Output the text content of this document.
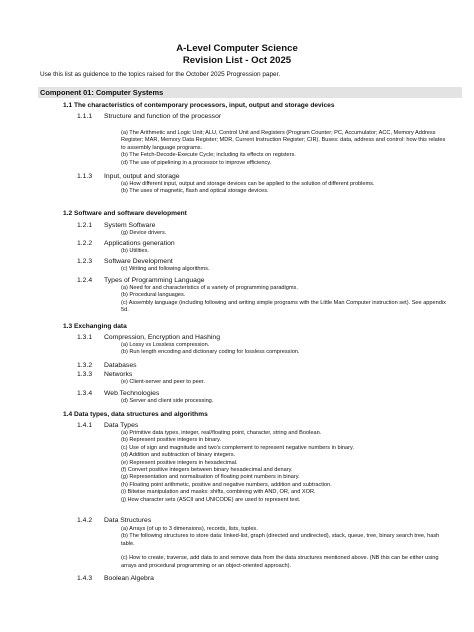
A-Level Computer Science
Revision List - Oct 2025
Use this list as guidence to the topics raised for the October 2025 Progression paper.
Component 01: Computer Systems
1.1 The characteristics of contemporary processors, input, output and storage devices
1.1.1 Structure and function of the processor
(a) The Arithmetic and Logic Unit; ALU, Control Unit and Registers (Program Counter; PC, Accumulator; ACC, Memory Address Register; MAR, Memory Data Register; MDR, Current Instruction Register; CIR). Buses: data, address and control: how this relates to assembly language programs.
(b) The Fetch-Decode-Execute Cycle; including its effects on registers.
(d) The use of pipelining in a processor to improve efficiency.
1.1.3 Input, output and storage
(a) How different input, output and storage devices can be applied to the solution of different problems.
(b) The uses of magnetic, flash and optical storage devices.
1.2 Software and software development
1.2.1 System Software
(g) Device drivers.
1.2.2 Applications generation
(b) Utilities.
1.2.3 Software Development
(c) Writing and following algorithms.
1.2.4 Types of Programming Language
(a) Need for and characteristics of a variety of programming paradigms.
(b) Procedural languages.
(c) Assembly language (including following and writing simple programs with the Little Man Computer instruction set). See appendix 5d.
1.3 Exchanging data
1.3.1 Compression, Encryption and Hashing
(a) Lossy vs Lossless compression.
(b) Run length encoding and dictionary coding for lossless compression.
1.3.2 Databases
1.3.3 Networks
(e) Client-server and peer to peer.
1.3.4 Web Technologies
(d) Server and client side processing.
1.4 Data types, data structures and algorithms
1.4.1 Data Types
(a) Primitive data types, integer, real/floating point, character, string and Boolean.
(b) Represent positive integers in binary.
(c) Use of sign and magnitude and two's complement to represent negative numbers in binary.
(d) Addition and subtraction of binary integers.
(e) Represent positive integers in hexadecimal.
(f) Convert positive integers between binary hexadecimal and denary.
(g) Representation and normalisation of floating point numbers in binary.
(h) Floating point arithmetic, positive and negative numbers, addition and subtraction.
(i) Bitwise manipulation and masks: shifts, combining with AND, OR, and XOR.
(j) How character sets (ASCII and UNICODE) are used to represent text.
1.4.2 Data Structures
(a) Arrays (of up to 3 dimensions), records, lists, tuples.
(b) The following structures to store data: linked-list, graph (directed and undirected), stack, queue, tree, binary search tree, hash table.
(c) How to create, traverse, add data to and remove data from the data structures mentioned above. (NB this can be either using arrays and procedural programming or an object-oriented approach).
1.4.3 Boolean Algebra
